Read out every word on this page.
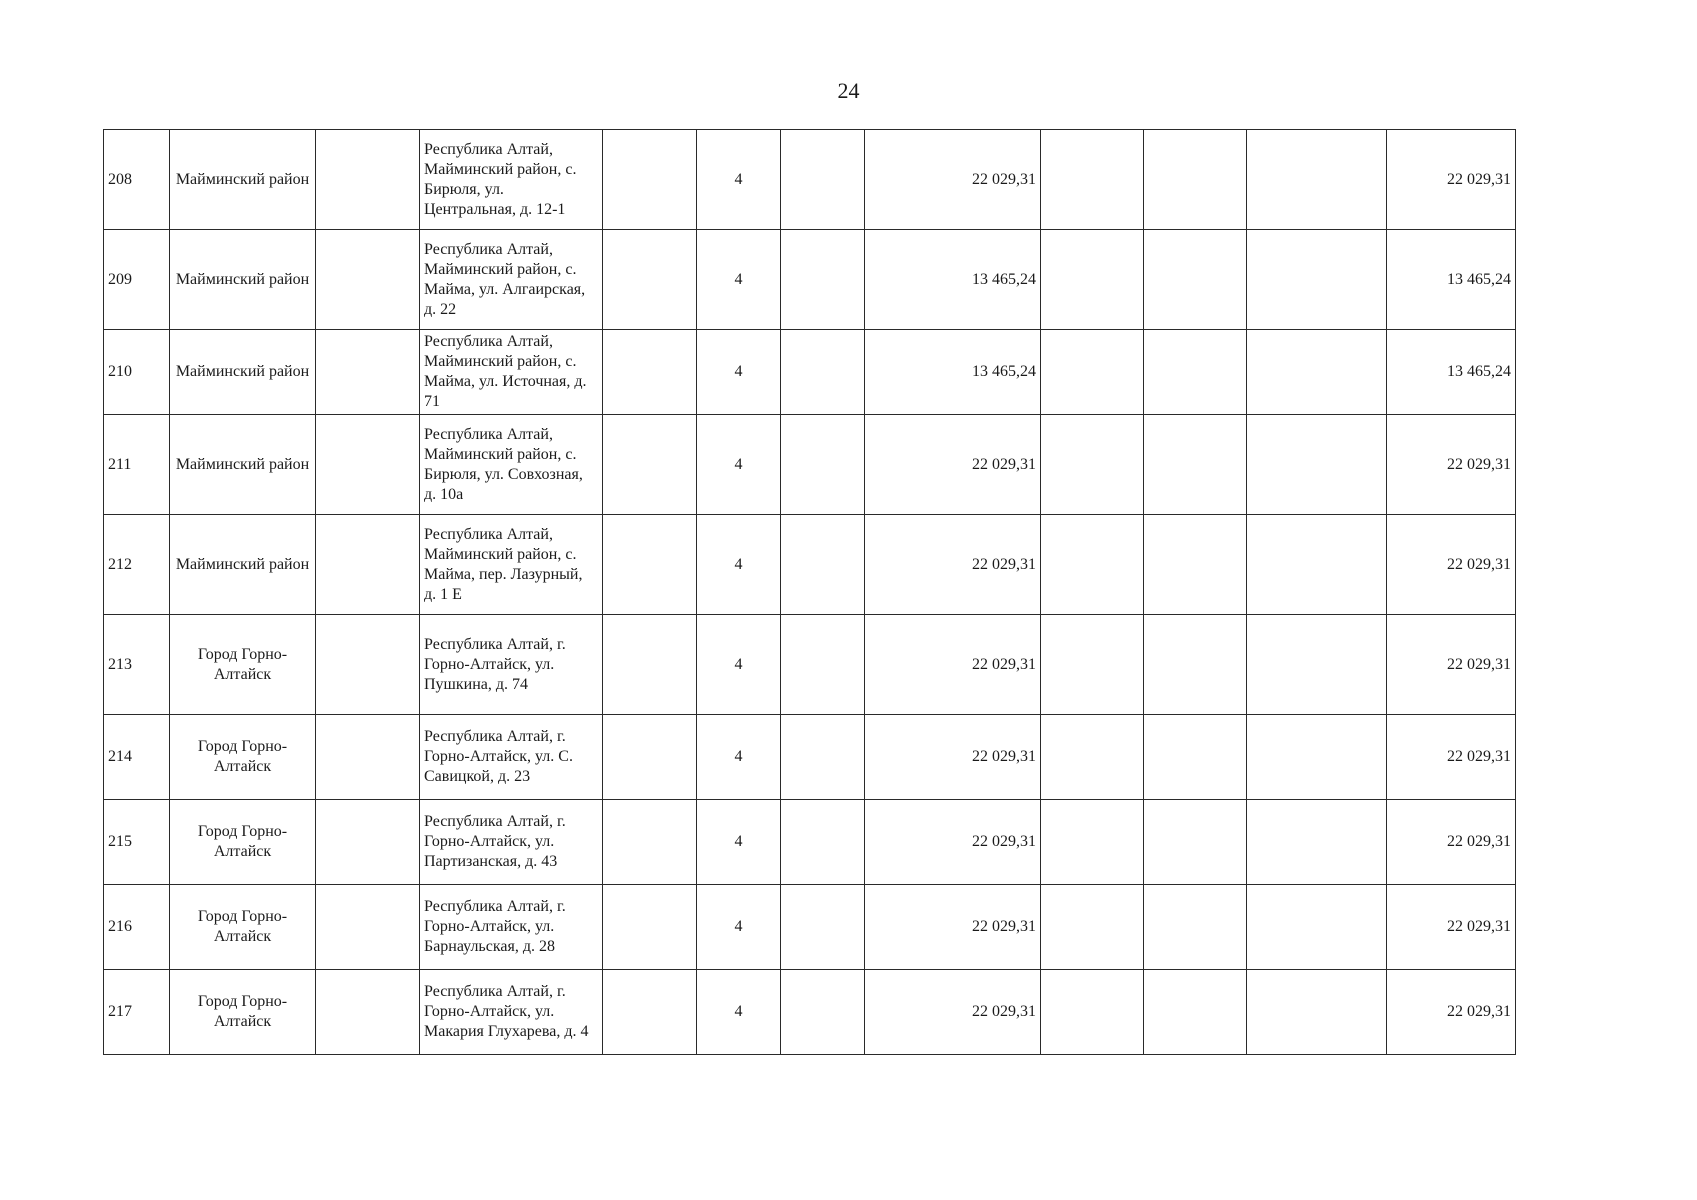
24
208	Майминский район		Республика Алтай, Майминский район, с. Бирюля, ул. Центральная, д. 12-1		4		22 029,31				22 029,31
209	Майминский район		Республика Алтай, Майминский район, с. Майма, ул. Алгаирская, д. 22		4		13 465,24				13 465,24
210	Майминский район		Республика Алтай, Майминский район, с. Майма, ул. Источная, д. 71		4		13 465,24				13 465,24
211	Майминский район		Республика Алтай, Майминский район, с. Бирюля, ул. Совхозная, д. 10а		4		22 029,31				22 029,31
212	Майминский район		Республика Алтай, Майминский район, с. Майма, пер. Лазурный, д. 1 Е		4		22 029,31				22 029,31
213	Город Горно-Алтайск		Республика Алтай, г. Горно-Алтайск, ул. Пушкина, д. 74		4		22 029,31				22 029,31
214	Город Горно-Алтайск		Республика Алтай, г. Горно-Алтайск, ул. С. Савицкой, д. 23		4		22 029,31				22 029,31
215	Город Горно-Алтайск		Республика Алтай, г. Горно-Алтайск, ул. Партизанская, д. 43		4		22 029,31				22 029,31
216	Город Горно-Алтайск		Республика Алтай, г. Горно-Алтайск, ул. Барнаульская, д. 28		4		22 029,31				22 029,31
217	Город Горно-Алтайск		Республика Алтай, г. Горно-Алтайск, ул. Макария Глухарева, д. 4		4		22 029,31				22 029,31
